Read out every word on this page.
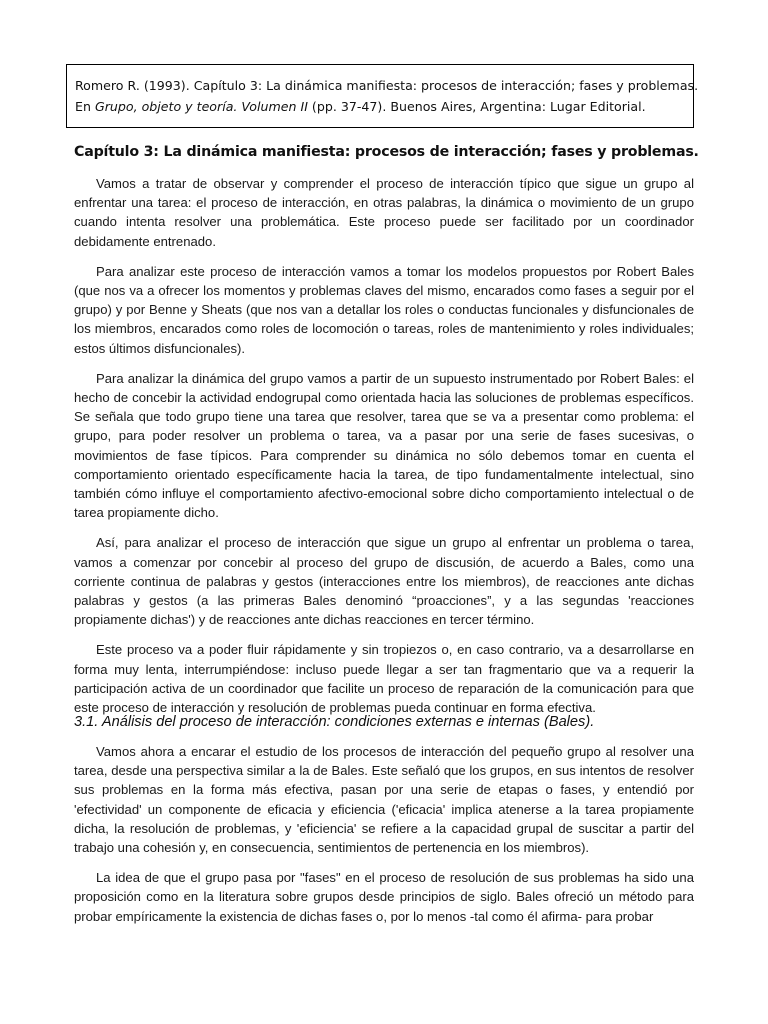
Romero R. (1993). Capítulo 3: La dinámica manifiesta: procesos de interacción; fases y problemas.
En Grupo, objeto y teoría. Volumen II (pp. 37-47). Buenos Aires, Argentina: Lugar Editorial.
Capítulo 3: La dinámica manifiesta: procesos de interacción; fases y problemas.

Vamos a tratar de observar y comprender el proceso de interacción típico que sigue un grupo al enfrentar una tarea: el proceso de interacción, en otras palabras, la dinámica o movimiento de un grupo cuando intenta resolver una problemática. Este proceso puede ser facilitado por un coordinador debidamente entrenado.

Para analizar este proceso de interacción vamos a tomar los modelos propuestos por Robert Bales (que nos va a ofrecer los momentos y problemas claves del mismo, encarados como fases a seguir por el grupo) y por Benne y Sheats (que nos van a detallar los roles o conductas funcionales y disfuncionales de los miembros, encarados como roles de locomoción o tareas, roles de mantenimiento y roles individuales; estos últimos disfuncionales).

Para analizar la dinámica del grupo vamos a partir de un supuesto instrumentado por Robert Bales: el hecho de concebir la actividad endogrupal como orientada hacia las soluciones de problemas específicos. Se señala que todo grupo tiene una tarea que resolver, tarea que se va a presentar como problema: el grupo, para poder resolver un problema o tarea, va a pasar por una serie de fases sucesivas, o movimientos de fase típicos. Para comprender su dinámica no sólo debemos tomar en cuenta el comportamiento orientado específicamente hacia la tarea, de tipo fundamentalmente intelectual, sino también cómo influye el comportamiento afectivo-emocional sobre dicho comportamiento intelectual o de tarea propiamente dicho.

Así, para analizar el proceso de interacción que sigue un grupo al enfrentar un problema o tarea, vamos a comenzar por concebir al proceso del grupo de discusión, de acuerdo a Bales, como una corriente continua de palabras y gestos (interacciones entre los miembros), de reacciones ante dichas palabras y gestos (a las primeras Bales denominó “proacciones”, y a las segundas 'reacciones propiamente dichas') y de reacciones ante dichas reacciones en tercer término.

Este proceso va a poder fluir rápidamente y sin tropiezos o, en caso contrario, va a desarrollarse en forma muy lenta, interrumpiéndose: incluso puede llegar a ser tan fragmentario que va a requerir la participación activa de un coordinador que facilite un proceso de reparación de la comunicación para que este proceso de interacción y resolución de problemas pueda continuar en forma efectiva.

3.1. Análisis del proceso de interacción: condiciones externas e internas (Bales).

Vamos ahora a encarar el estudio de los procesos de interacción del pequeño grupo al resolver una tarea, desde una perspectiva similar a la de Bales. Este señaló que los grupos, en sus intentos de resolver sus problemas en la forma más efectiva, pasan por una serie de etapas o fases, y entendió por 'efectividad' un componente de eficacia y eficiencia ('eficacia' implica atenerse a la tarea propiamente dicha, la resolución de problemas, y 'eficiencia' se refiere a la capacidad grupal de suscitar a partir del trabajo una cohesión y, en consecuencia, sentimientos de pertenencia en los miembros).

La idea de que el grupo pasa por "fases" en el proceso de resolución de sus problemas ha sido una proposición como en la literatura sobre grupos desde principios de siglo. Bales ofreció un método para probar empíricamente la existencia de dichas fases o, por lo menos -tal como él afirma- para probar
